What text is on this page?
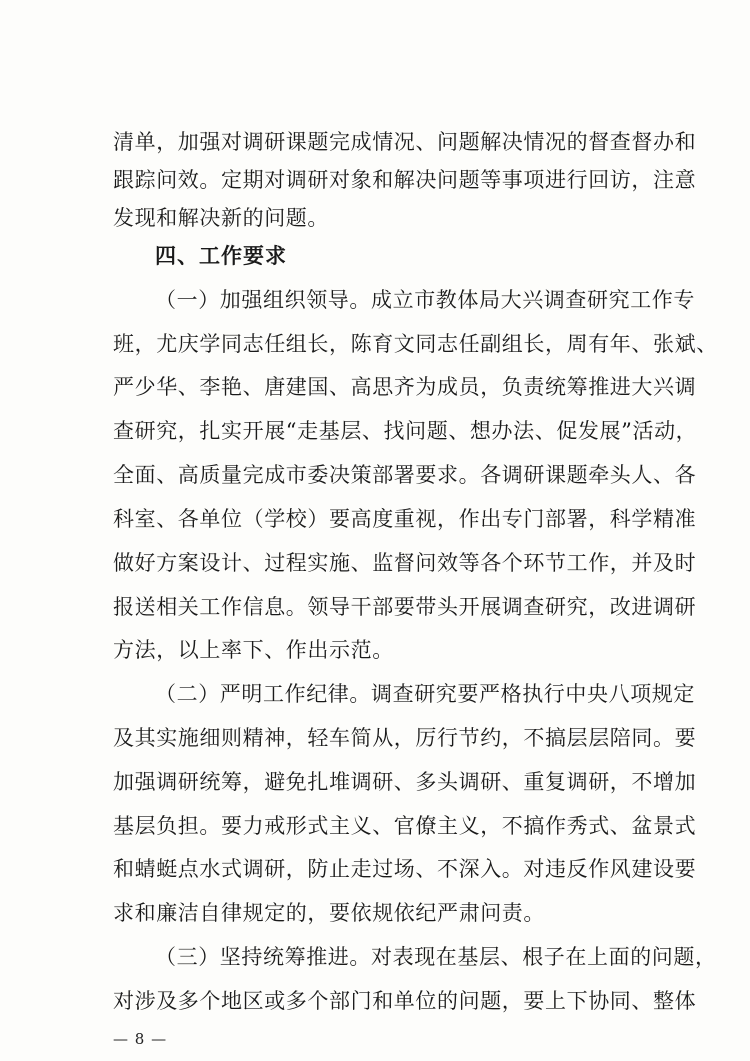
清单，加强对调研课题完成情况、问题解决情况的督查督办和
跟踪问效。定期对调研对象和解决问题等事项进行回访，注意
发现和解决新的问题。
四、工作要求
（一）加强组织领导。成立市教体局大兴调查研究工作专
班，尤庆学同志任组长，陈育文同志任副组长，周有年、张斌、
严少华、李艳、唐建国、高思齐为成员，负责统筹推进大兴调
查研究，扎实开展“走基层、找问题、想办法、促发展”活动，
全面、高质量完成市委决策部署要求。各调研课题牵头人、各
科室、各单位（学校）要高度重视，作出专门部署，科学精准
做好方案设计、过程实施、监督问效等各个环节工作，并及时
报送相关工作信息。领导干部要带头开展调查研究，改进调研
方法，以上率下、作出示范。
（二）严明工作纪律。调查研究要严格执行中央八项规定
及其实施细则精神，轻车简从，厉行节约，不搞层层陪同。要
加强调研统筹，避免扎堆调研、多头调研、重复调研，不增加
基层负担。要力戒形式主义、官僚主义，不搞作秀式、盆景式
和蜻蜓点水式调研，防止走过场、不深入。对违反作风建设要
求和廉洁自律规定的，要依规依纪严肃问责。
（三）坚持统筹推进。对表现在基层、根子在上面的问题，
对涉及多个地区或多个部门和单位的问题，要上下协同、整体
— 8 —
